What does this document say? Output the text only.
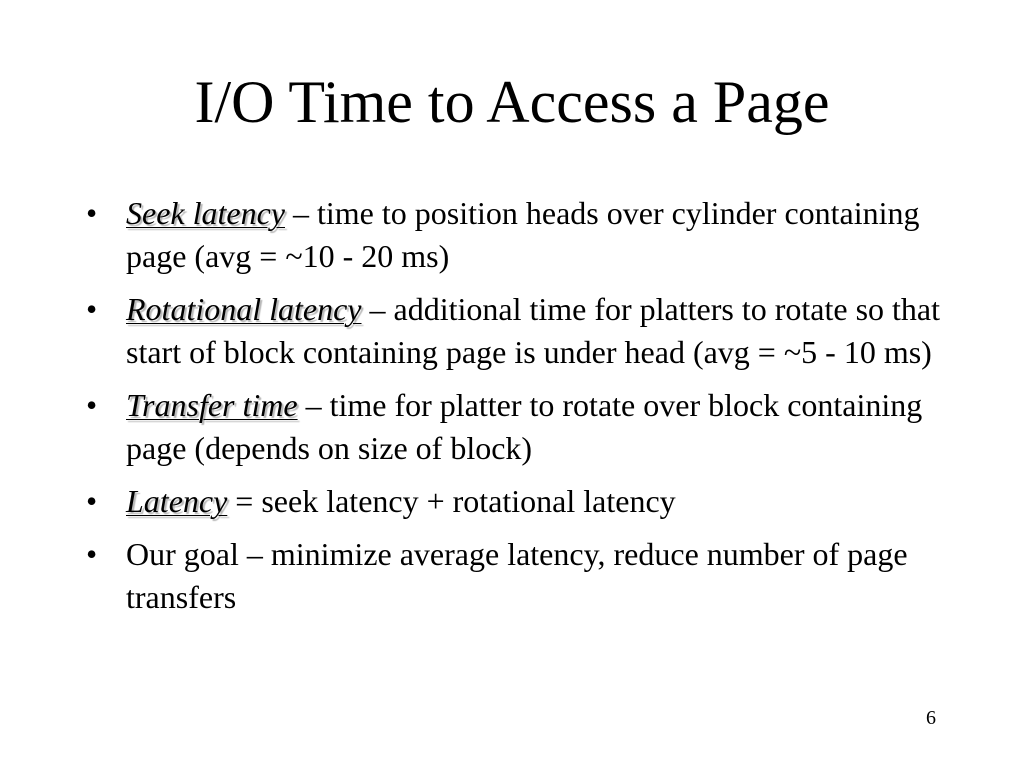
I/O Time to Access a Page
• Seek latency – time to position heads over cylinder containing page (avg = ~10 - 20 ms)
• Rotational latency – additional time for platters to rotate so that start of block containing page is under head (avg = ~5 - 10 ms)
• Transfer time – time for platter to rotate over block containing page (depends on size of block)
• Latency = seek latency + rotational latency
• Our goal – minimize average latency, reduce number of page transfers
6
